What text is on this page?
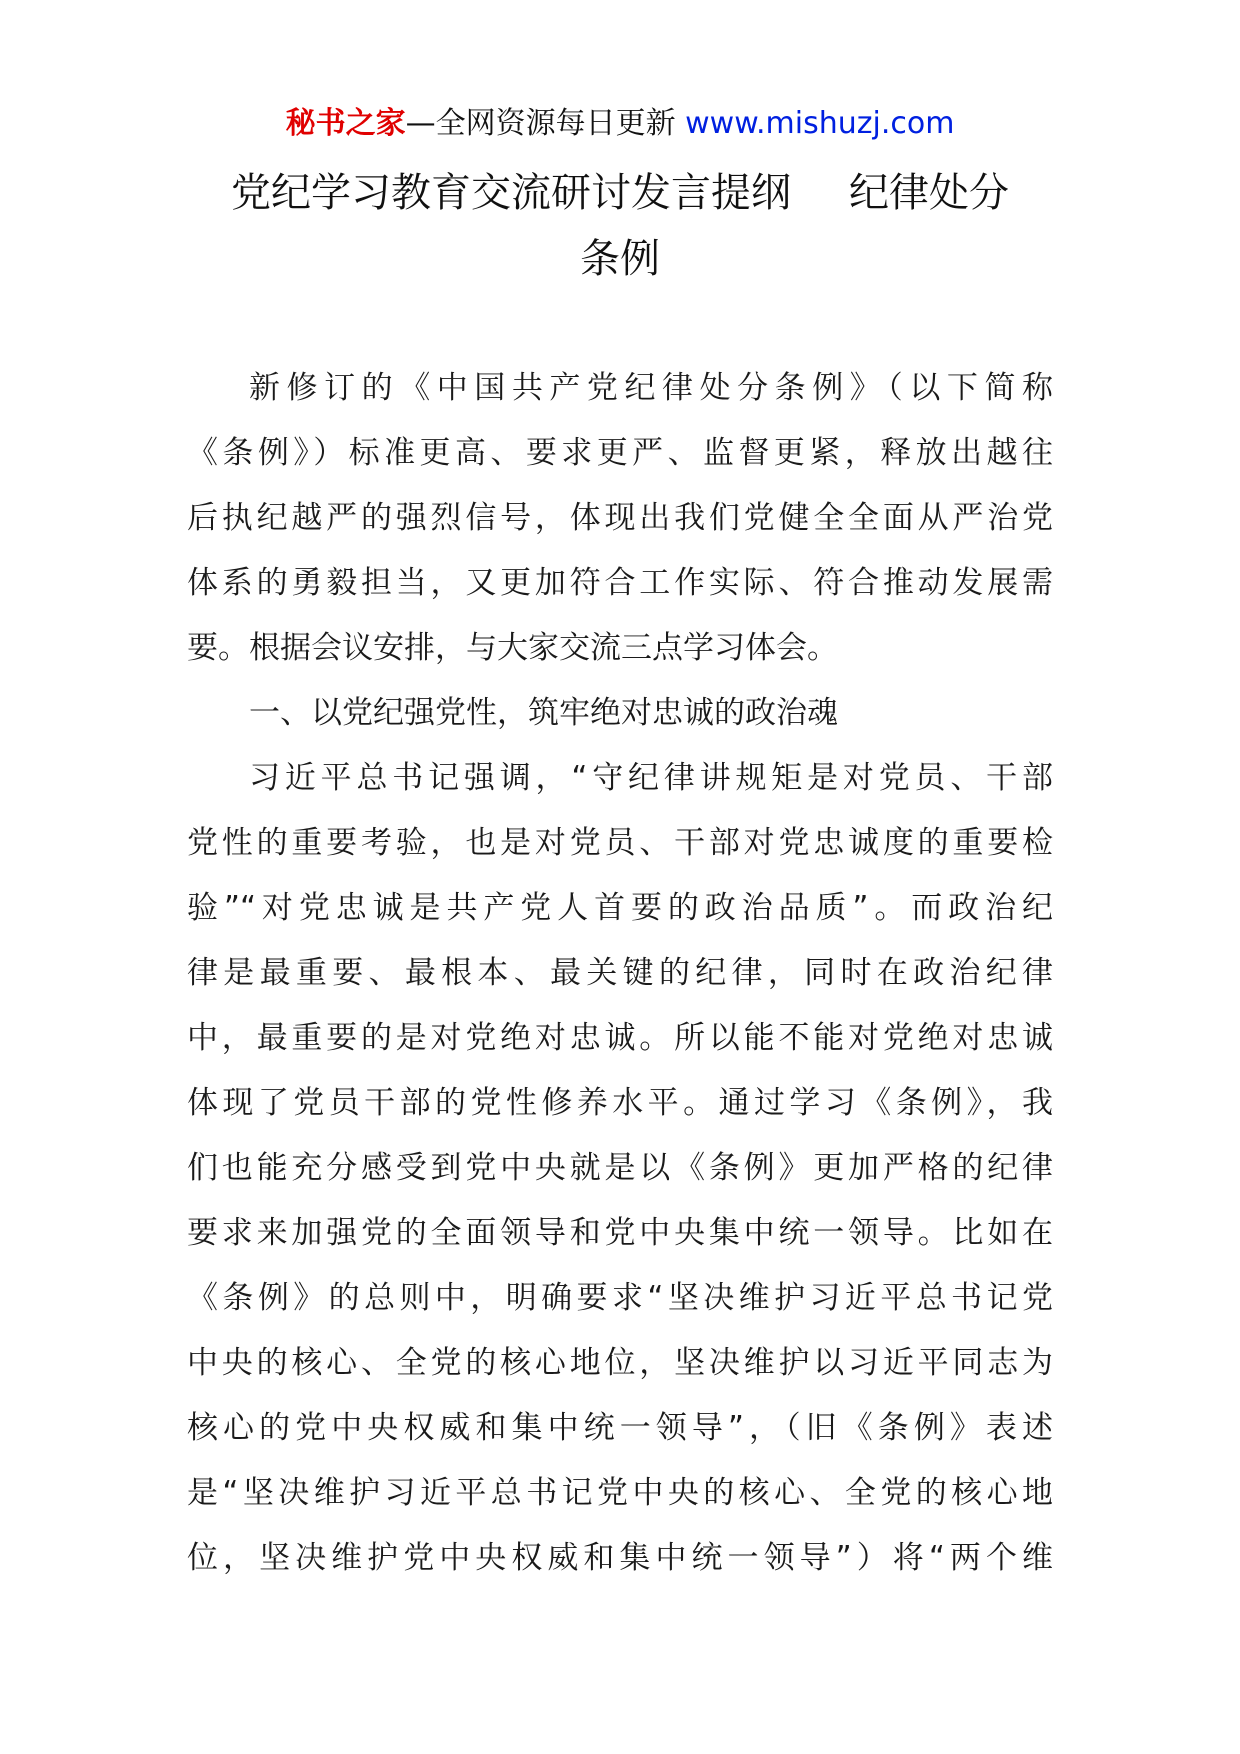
秘书之家—全网资源每日更新 www.mishuzj.com
党纪学习教育交流研讨发言提纲 纪律处分
条例
新修订的《中国共产党纪律处分条例》（以下简称
《条例》）标准更高、要求更严、监督更紧，释放出越往
后执纪越严的强烈信号，体现出我们党健全全面从严治党
体系的勇毅担当，又更加符合工作实际、符合推动发展需
要。根据会议安排，与大家交流三点学习体会。
一、以党纪强党性，筑牢绝对忠诚的政治魂
习近平总书记强调，“守纪律讲规矩是对党员、干部
党性的重要考验，也是对党员、干部对党忠诚度的重要检
验”“对党忠诚是共产党人首要的政治品质”。而政治纪
律是最重要、最根本、最关键的纪律，同时在政治纪律
中，最重要的是对党绝对忠诚。所以能不能对党绝对忠诚
体现了党员干部的党性修养水平。通过学习《条例》，我
们也能充分感受到党中央就是以《条例》更加严格的纪律
要求来加强党的全面领导和党中央集中统一领导。比如在
《条例》的总则中，明确要求“坚决维护习近平总书记党
中央的核心、全党的核心地位，坚决维护以习近平同志为
核心的党中央权威和集中统一领导”，（旧《条例》表述
是“坚决维护习近平总书记党中央的核心、全党的核心地
位，坚决维护党中央权威和集中统一领导”）将“两个维
